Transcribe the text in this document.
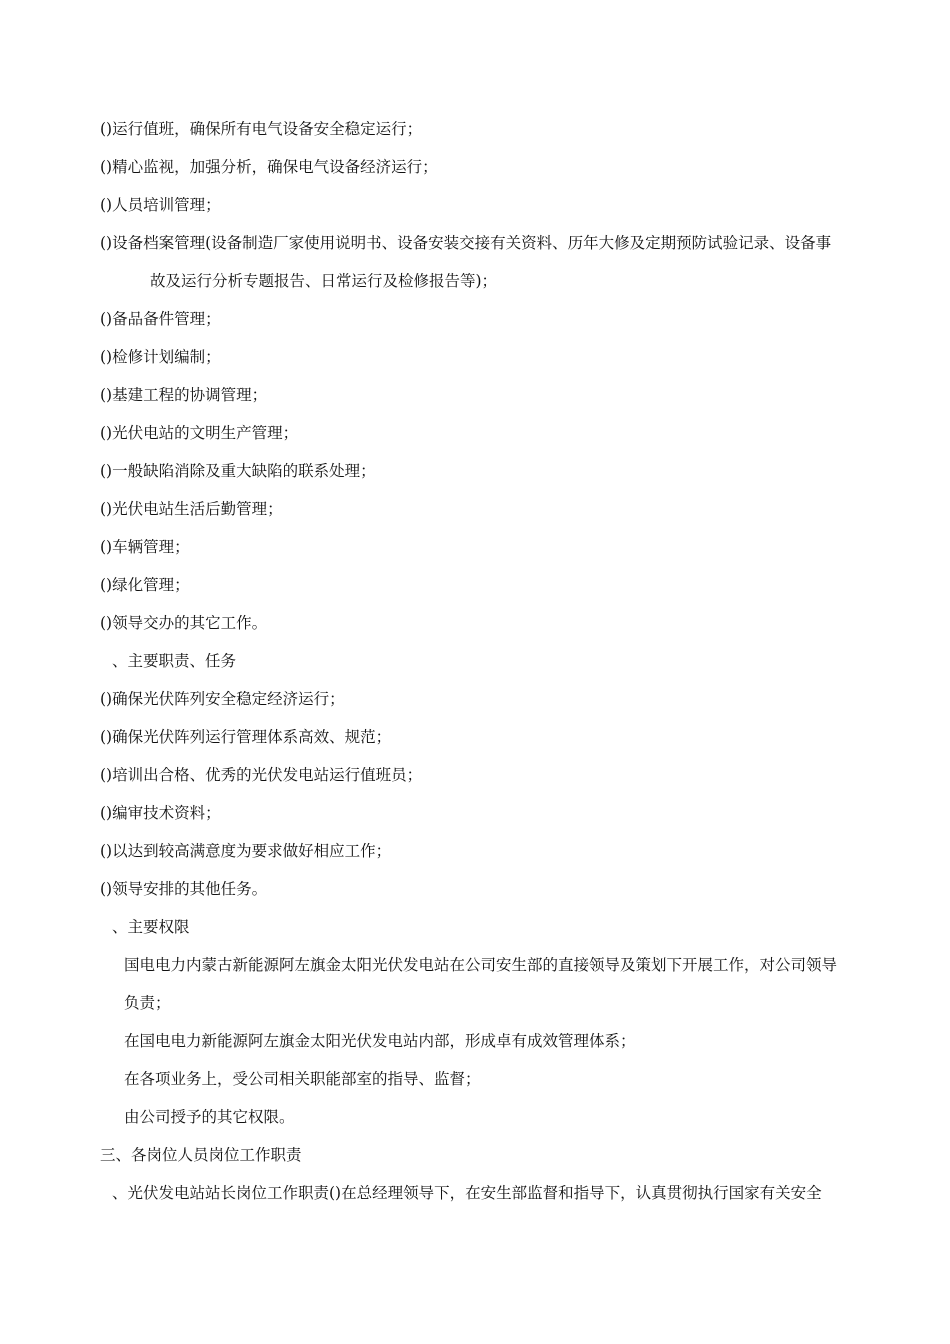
()运行值班，确保所有电气设备安全稳定运行；
()精心监视，加强分析，确保电气设备经济运行；
()人员培训管理；
()设备档案管理(设备制造厂家使用说明书、设备安装交接有关资料、历年大修及定期预防试验记录、设备事
故及运行分析专题报告、日常运行及检修报告等)；
()备品备件管理；
()检修计划编制；
()基建工程的协调管理；
()光伏电站的文明生产管理；
()一般缺陷消除及重大缺陷的联系处理；
()光伏电站生活后勤管理；
()车辆管理；
()绿化管理；
()领导交办的其它工作。
、主要职责、任务
()确保光伏阵列安全稳定经济运行；
()确保光伏阵列运行管理体系高效、规范；
()培训出合格、优秀的光伏发电站运行值班员；
()编审技术资料；
()以达到较高满意度为要求做好相应工作；
()领导安排的其他任务。
、主要权限
国电电力内蒙古新能源阿左旗金太阳光伏发电站在公司安生部的直接领导及策划下开展工作，对公司领导
负责；
在国电电力新能源阿左旗金太阳光伏发电站内部，形成卓有成效管理体系；
在各项业务上，受公司相关职能部室的指导、监督；
由公司授予的其它权限。
三、各岗位人员岗位工作职责
、光伏发电站站长岗位工作职责()在总经理领导下，在安生部监督和指导下，认真贯彻执行国家有关安全
